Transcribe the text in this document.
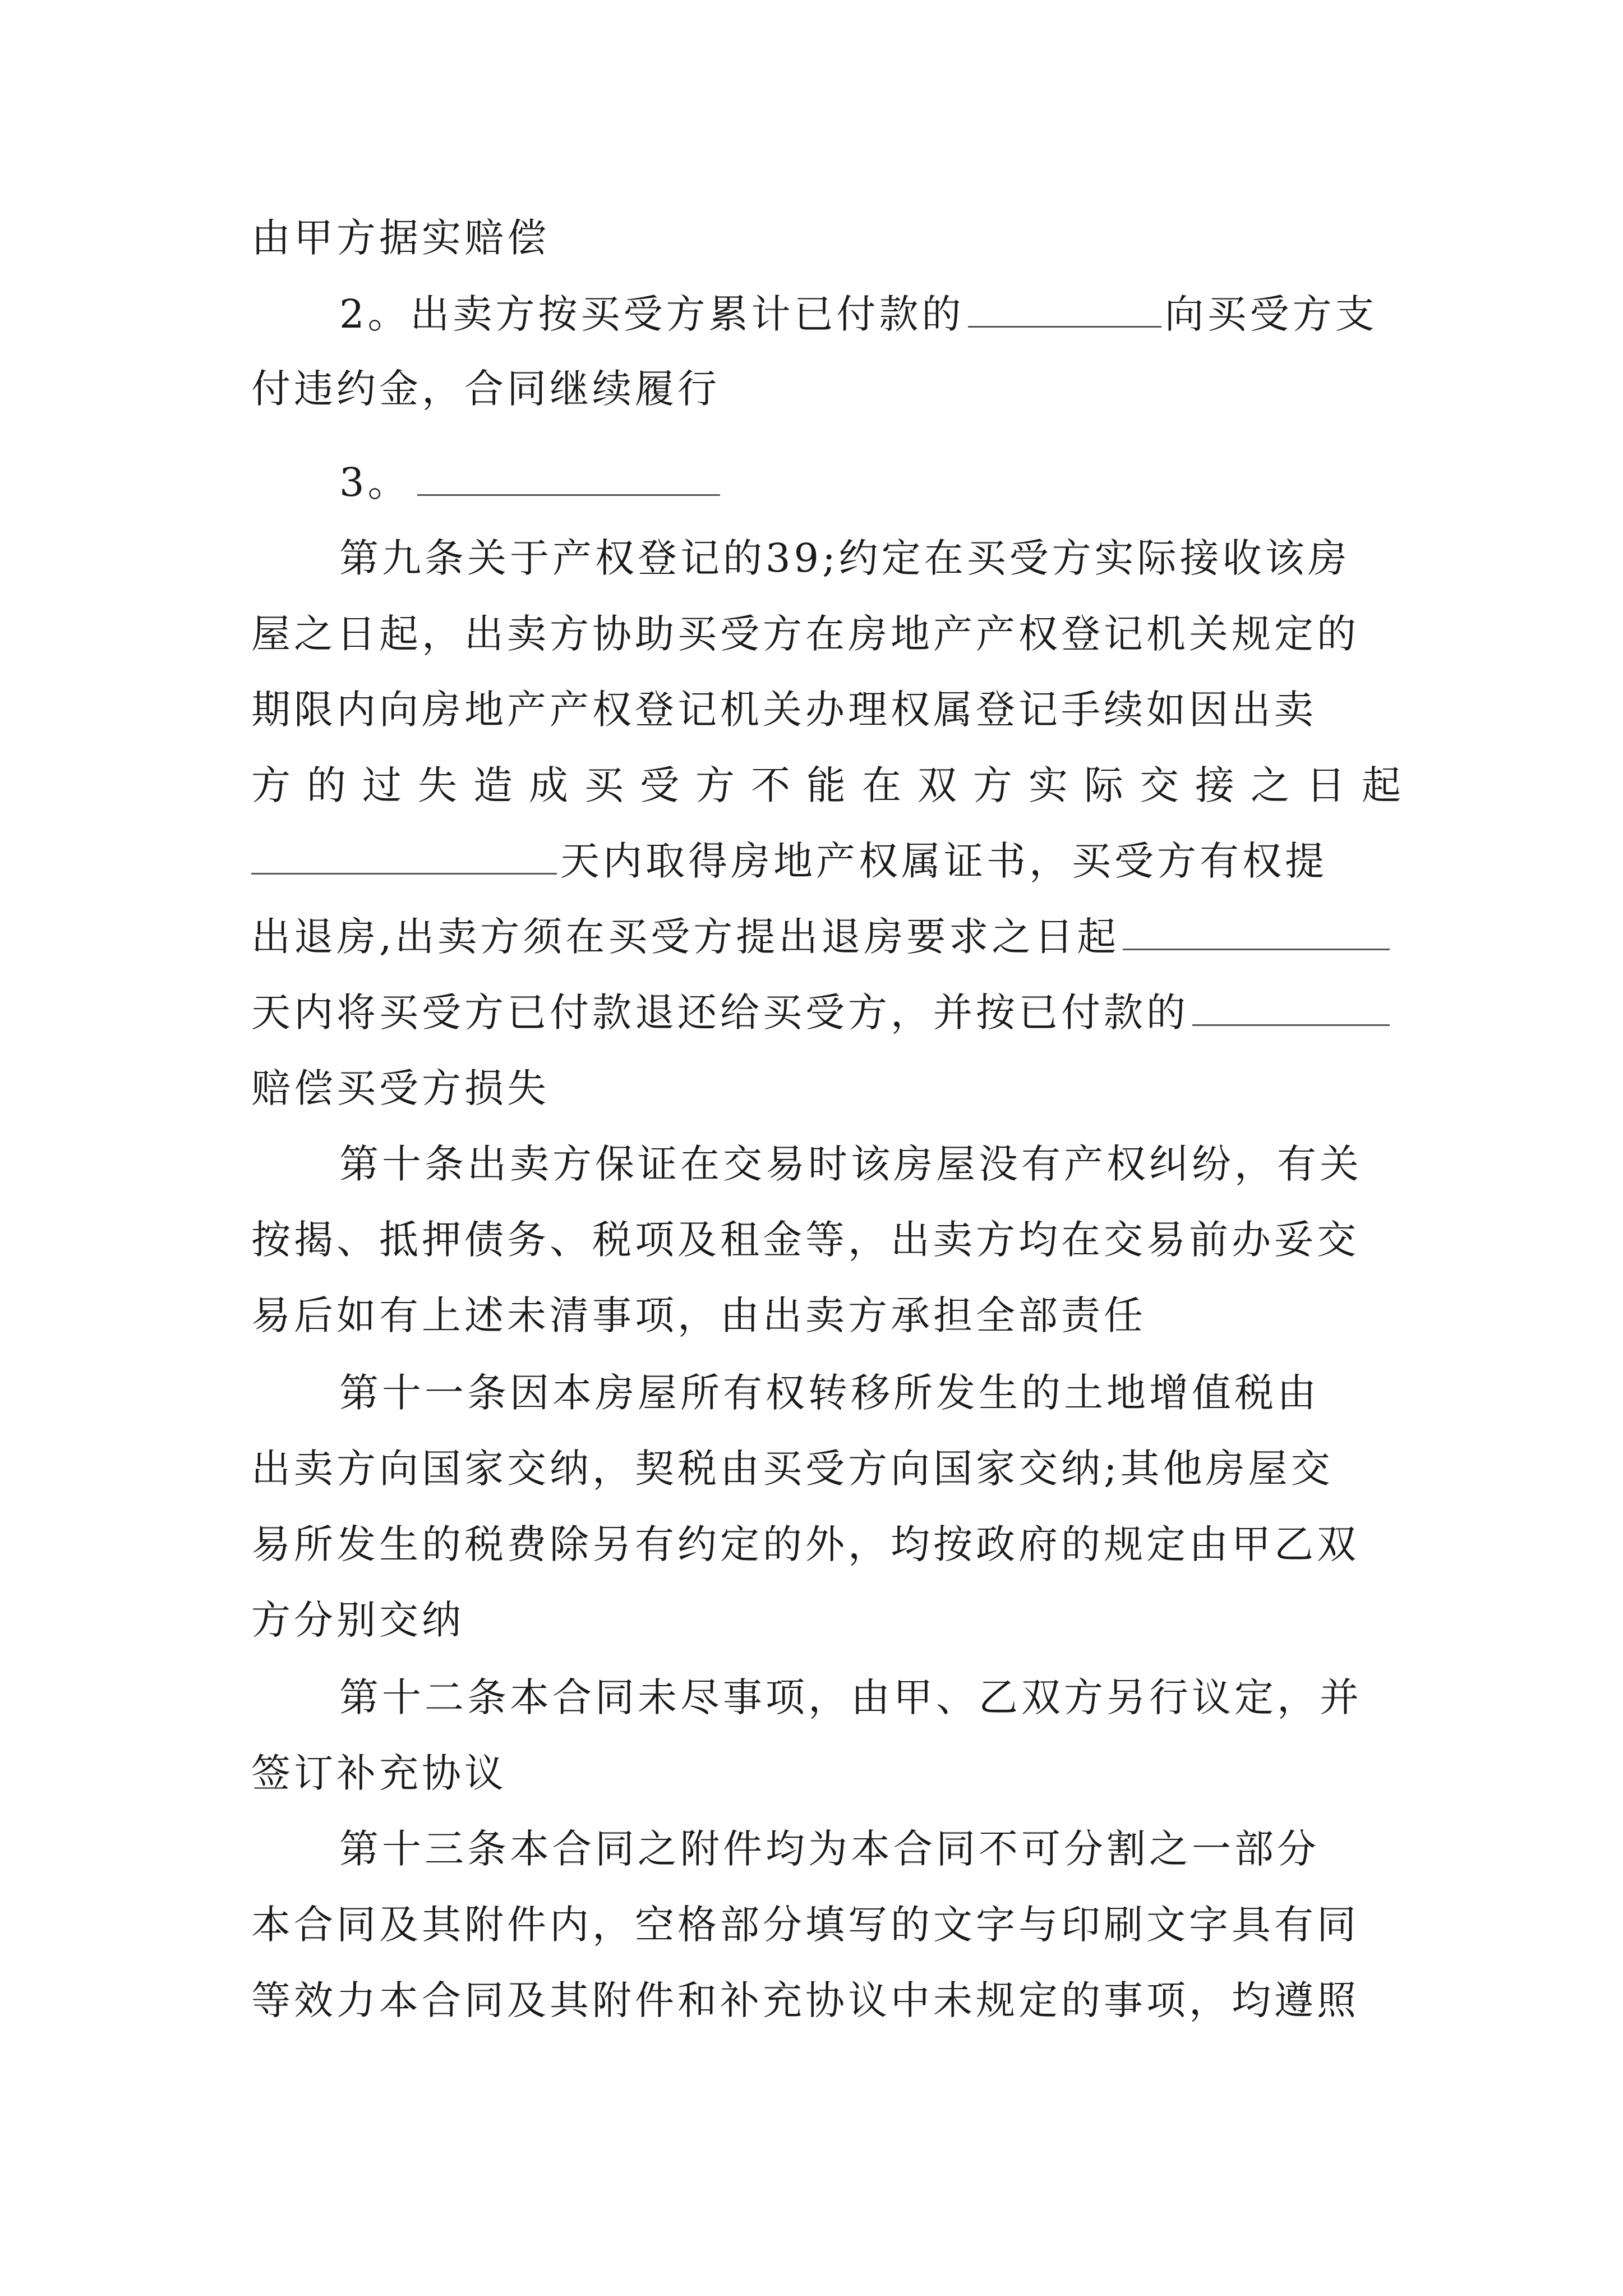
由甲方据实赔偿
2。出卖方按买受方累计已付款的	向买受方支
付违约金，合同继续履行
3。
第九条关于产权登记的39;约定在买受方实际接收该房
屋之日起，出卖方协助买受方在房地产产权登记机关规定的
期限内向房地产产权登记机关办理权属登记手续如因出卖
方的过失造成买受方不能在双方实际交接之日起
天内取得房地产权属证书，买受方有权提
出退房,出卖方须在买受方提出退房要求之日起
天内将买受方已付款退还给买受方，并按已付款的
赔偿买受方损失
第十条出卖方保证在交易时该房屋没有产权纠纷，有关
按揭、抵押债务、税项及租金等，出卖方均在交易前办妥交
易后如有上述未清事项，由出卖方承担全部责任
第十一条因本房屋所有权转移所发生的土地增值税由
出卖方向国家交纳，契税由买受方向国家交纳;其他房屋交
易所发生的税费除另有约定的外，均按政府的规定由甲乙双
方分别交纳
第十二条本合同未尽事项，由甲、乙双方另行议定，并
签订补充协议
第十三条本合同之附件均为本合同不可分割之一部分
本合同及其附件内，空格部分填写的文字与印刷文字具有同
等效力本合同及其附件和补充协议中未规定的事项，均遵照
